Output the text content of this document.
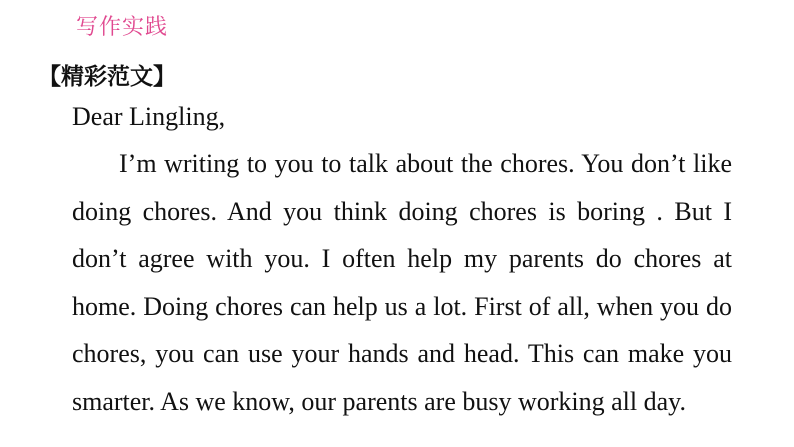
写作实践
【精彩范文】

Dear Lingling,

I’m writing to you to talk about the chores. You don’t like doing chores. And you think doing chores is boring . But I don’t agree with you. I often help my parents do chores at home. Doing chores can help us a lot. First of all, when you do chores, you can use your hands and head. This can make you smarter. As we know, our parents are busy working all day.
